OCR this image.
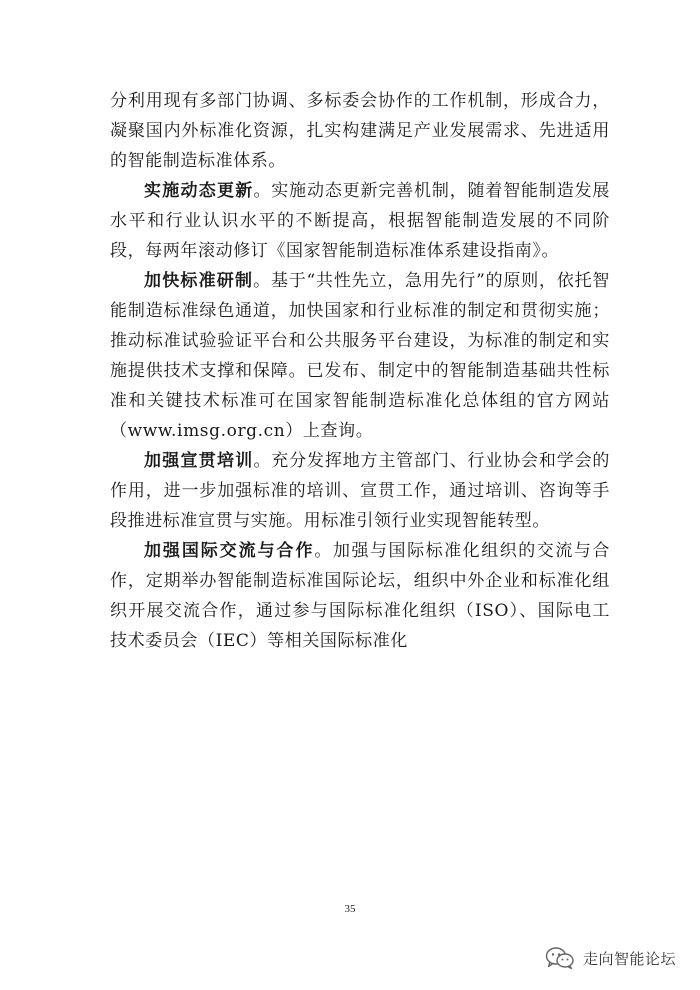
分利用现有多部门协调、多标委会协作的工作机制，形成合力，凝聚国内外标准化资源，扎实构建满足产业发展需求、先进适用的智能制造标准体系。

实施动态更新。实施动态更新完善机制，随着智能制造发展水平和行业认识水平的不断提高，根据智能制造发展的不同阶段，每两年滚动修订《国家智能制造标准体系建设指南》。

加快标准研制。基于“共性先立，急用先行”的原则，依托智能制造标准绿色通道，加快国家和行业标准的制定和贯彻实施；推动标准试验验证平台和公共服务平台建设，为标准的制定和实施提供技术支撑和保障。已发布、制定中的智能制造基础共性标准和关键技术标准可在国家智能制造标准化总体组的官方网站（www.imsg.org.cn）上查询。

加强宣贯培训。充分发挥地方主管部门、行业协会和学会的作用，进一步加强标准的培训、宣贯工作，通过培训、咨询等手段推进标准宣贯与实施。用标准引领行业实现智能转型。

加强国际交流与合作。加强与国际标准化组织的交流与合作，定期举办智能制造标准国际论坛，组织中外企业和标准化组织开展交流合作，通过参与国际标准化组织（ISO）、国际电工技术委员会（IEC）等相关国际标准化

35
走向智能论坛
